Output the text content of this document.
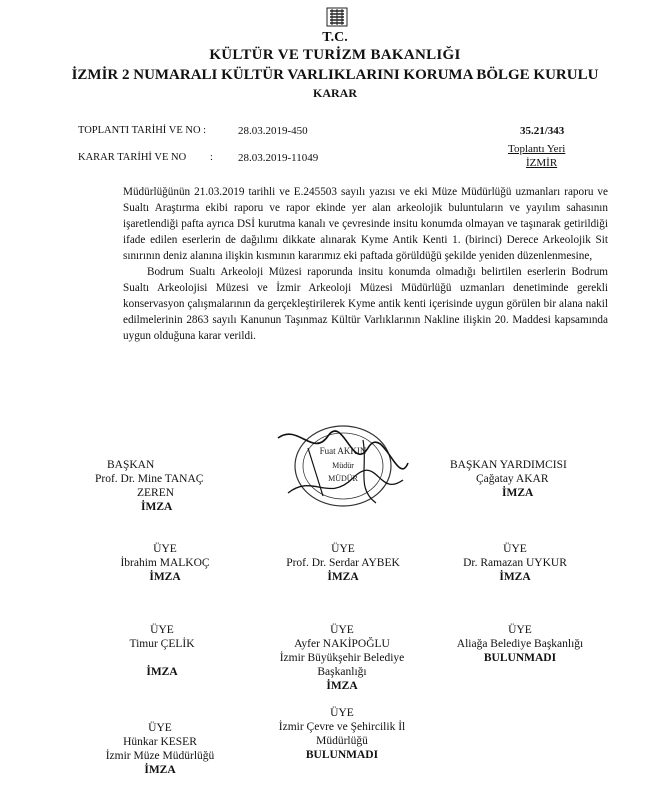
T.C.
KÜLTÜR VE TURİZM BAKANLIĞI
İZMİR 2 NUMARALI KÜLTÜR VARLIKLARINI KORUMA BÖLGE KURULU
KARAR
TOPLANTI TARİHİ VE NO :	28.03.2019-450	35.21/343
KARAR TARİHİ VE NO : 28.03.2019-11049
Toplantı Yeri
İZMİR

Müdürlüğünün 21.03.2019 tarihli ve E.245503 sayılı yazısı ve eki Müze Müdürlüğü uzmanları raporu ve Sualtı Araştırma ekibi raporu ve rapor ekinde yer alan arkeolojik buluntuların ve yayılım sahasının işaretlendiği pafta ayrıca DSİ kurutma kanalı ve çevresinde insitu konumda olmayan ve taşınarak getirildiği ifade edilen eserlerin de dağılımı dikkate alınarak Kyme Antik Kenti 1. (birinci) Derece Arkeolojik Sit sınırının deniz alanına ilişkin kısmının kararımız eki paftada görüldüğü şekilde yeniden düzenlenmesine,

Bodrum Sualtı Arkeoloji Müzesi raporunda insitu konumda olmadığı belirtilen eserlerin Bodrum Sualtı Arkeolojisi Müzesi ve İzmir Arkeoloji Müzesi Müdürlüğü uzmanları denetiminde gerekli konservasyon çalışmalarının da gerçekleştirilerek Kyme antik kenti içerisinde uygun görülen bir alana nakil edilmelerinin 2863 sayılı Kanunun Taşınmaz Kültür Varlıklarının Nakline ilişkin 20. Maddesi kapsamında uygun olduğuna karar verildi.

Fuat AKKIN
Müdür
MÜDÜR
BAŞKAN
Prof. Dr. Mine TANAÇ
ZEREN
İMZA
BAŞKAN YARDIMCISI
Çağatay AKAR
İMZA
ÜYE
İbrahim MALKOÇ
İMZA
ÜYE
Prof. Dr. Serdar AYBEK
İMZA
ÜYE
Dr. Ramazan UYKUR
İMZA
ÜYE
Timur ÇELİK
İMZA
ÜYE
Ayfer NAKİPOĞLU
İzmir Büyükşehir Belediye
Başkanlığı
İMZA
ÜYE
Aliağa Belediye Başkanlığı
BULUNMADI
ÜYE
Hünkar KESER
İzmir Müze Müdürlüğü
İMZA
ÜYE
İzmir Çevre ve Şehircilik İl
Müdürlüğü
BULUNMADI
